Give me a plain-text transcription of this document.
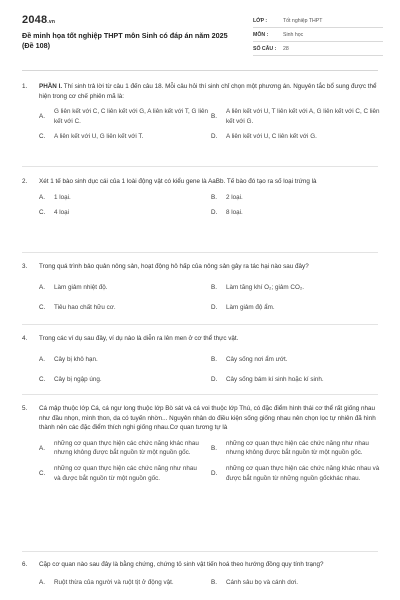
2048.vn
Đề minh họa tốt nghiệp THPT môn Sinh có đáp án năm 2025 (Đề 108)
LỚP :	Tốt nghiệp THPT
MÔN :	Sinh học
SỐ CÂU :	28
1.	PHẦN I. Thí sinh trả lời từ câu 1 đến câu 18. Mỗi câu hỏi thí sinh chỉ chọn một phương án. Nguyên tắc bổ sung được thể hiện trong cơ chế phiên mã là:
A.
G liên kết với C, C liên kết với G, A liên kết với T, G liên kết với C.
B.
A liên kết với U, T liên kết với A, G liên kết với C, C liên kết với G.
C.	A liên kết với U, G liên kết với T.	D.	A liên kết với U, C liên kết với G.
2.	Xét 1 tế bào sinh dục cái của 1 loài động vật có kiểu gene là AaBb. Tế bào đó tạo ra số loại trứng là
A.	1 loại.	B.	2 loại.
C.	4 loại	D.	8 loại.
3.	Trong quá trình bảo quản nông sản, hoạt động hô hấp của nông sản gây ra tác hại nào sau đây?
A.	Làm giảm nhiệt độ.	B.	Làm tăng khí O₂; giảm CO₂.
C.	Tiêu hao chất hữu cơ.	D.	Làm giảm độ ẩm.
4.	Trong các ví dụ sau đây, ví dụ nào là diễn ra lên men ở cơ thể thực vật.
A.	Cây bị khô hạn.	B.	Cây sống nơi ẩm ướt.
C.	Cây bị ngập úng.	D.	Cây sống bám kí sinh hoặc kí sinh.
5.	Cá mập thuộc lớp Cá, cá ngư long thuộc lớp Bò sát và cá voi thuộc lớp Thú, có đặc điểm hình thái cơ thể rất giống nhau như đầu nhọn, mình thon, da có tuyến nhờn... Nguyên nhân do điều kiện sống giống nhau nên chọn lọc tự nhiên đã hình thành nên các đặc điểm thích nghi giống nhau.Cơ quan tương tự là
A.
những cơ quan thực hiện các chức năng khác nhau nhưng không được bắt nguồn từ một nguồn gốc.
B.
những cơ quan thực hiện các chức năng như nhau nhưng không được bắt nguồn từ một nguồn gốc.
C.
những cơ quan thực hiện các chức năng như nhau và được bắt nguồn từ một nguồn gốc.
D.
những cơ quan thực hiện các chức năng khác nhau và được bắt nguồn từ những nguồn gốckhác nhau.
6.	Cặp cơ quan nào sau đây là bằng chứng, chứng tỏ sinh vật tiến hoá theo hướng đồng quy tính trạng?
A.	Ruột thừa của người và ruột tịt ở động vật.	B.	Cánh sâu bọ và cánh dơi.
